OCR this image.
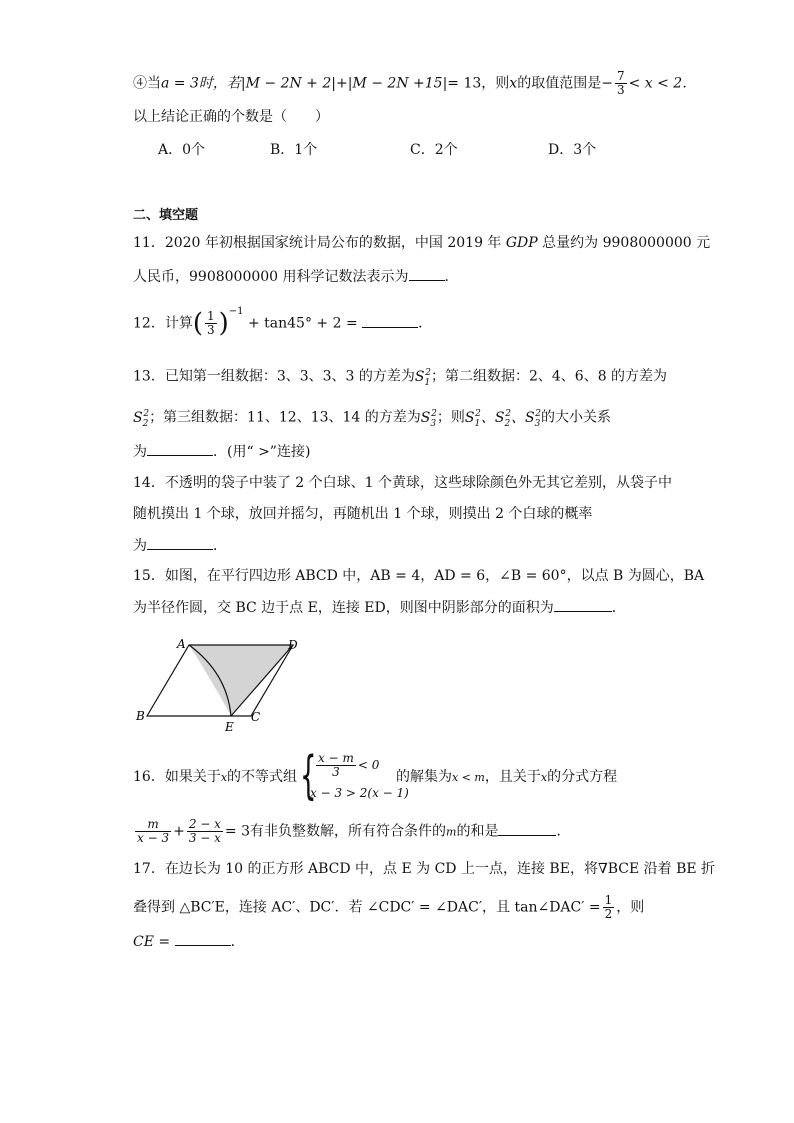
④当a = 3时，若|M − 2N + 2|+|M − 2N +15|= 13，则x的取值范围是− $\frac{7}{3} < x < 2$．
以上结论正确的个数是（　　）
A．0个	B．1个	C．2个	D．3个
二、填空题
11．2020 年初根据国家统计局公布的数据，中国 2019 年 GDP 总量约为 9908000000 元
人民币，9908000000 用科学记数法表示为	．
12．计算( $\frac{1}{3} )^{-1} + \tan 45^\circ + 2$ =	．
13．已知第一组数据：3、3、3、3 的方差为$S_1^2$；第二组数据：2、4、6、8 的方差为
$S_2^2$；第三组数据：11、12、13、14 的方差为$S_3^2$；则$S_1^2$、$S_2^2$、$S_3^2$的大小关系
为	．(用“ >”连接)
14．不透明的袋子中装了 2 个白球、1 个黄球，这些球除颜色外无其它差别，从袋子中
随机摸出 1 个球，放回并摇匀，再随机出 1 个球，则摸出 2 个白球的概率
为	．
15．如图，在平行四边形 ABCD 中，AB = 4，AD = 6，∠B = 60°，以点 B 为圆心，BA
为半径作圆，交 BC 边于点 E，连接 ED，则图中阴影部分的面积为	．
A	D
B
E
C
16．如果关于x的不等式组 { $\frac{x - m}{3} < 0$
x − 3 > 2(x − 1)
的解集为x < m，且关于x的分式方程
$\frac{m}{x - 3} + \frac{2 - x}{3 - x} = 3$有非负整数解，所有符合条件的m的和是	．
17．在边长为 10 的正方形 ABCD 中，点 E 为 CD 上一点，连接 BE，将∇BCE 沿着 BE 折
叠得到 △BC′E，连接 AC′、DC′．若 ∠CDC′ = ∠DAC′，且 tan∠DAC′ = $\frac{1}{2}$ ，则
CE =	．
